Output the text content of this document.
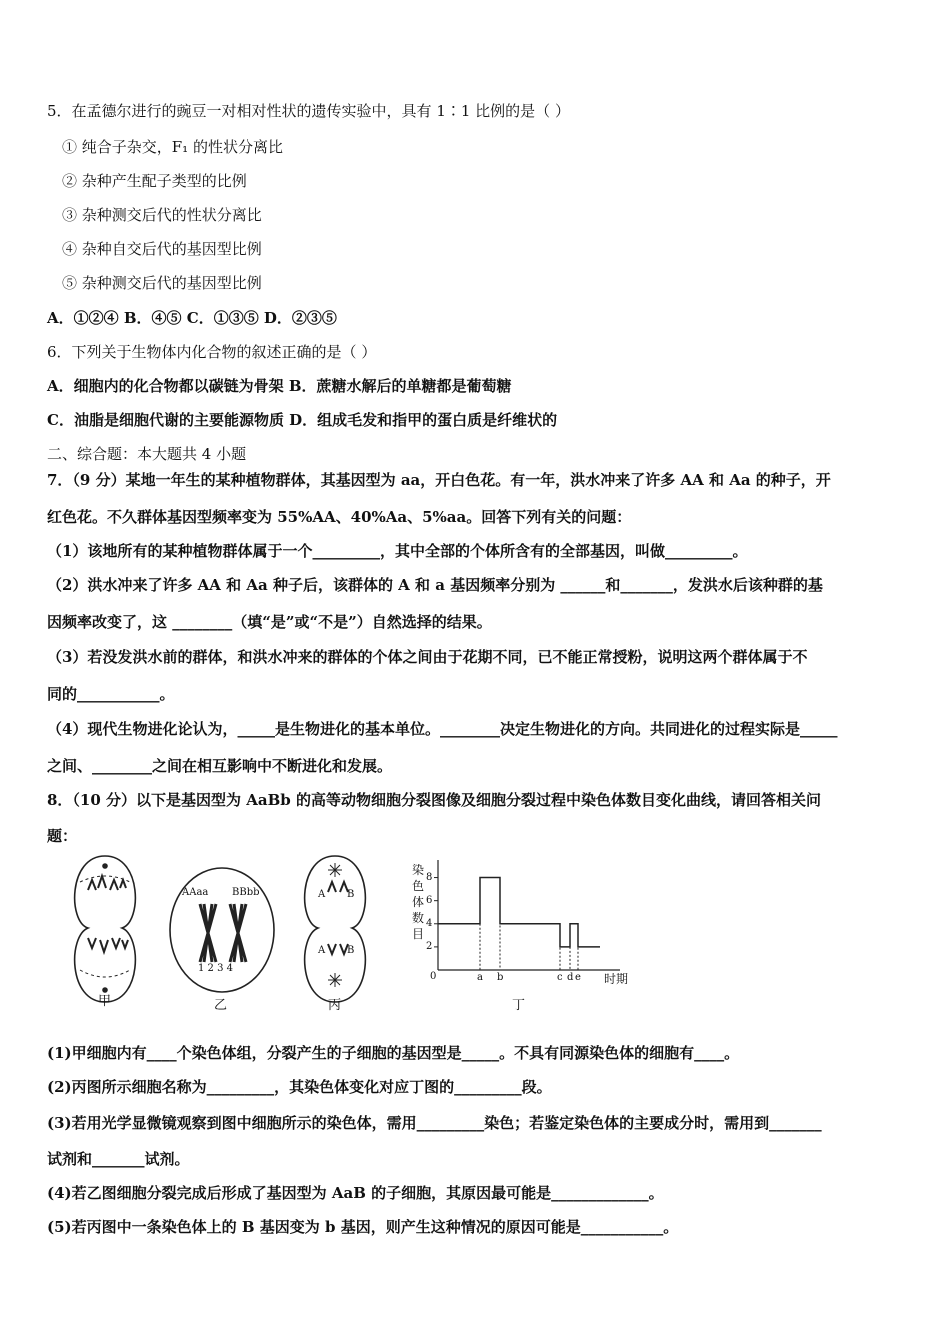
5．在孟德尔进行的豌豆一对相对性状的遗传实验中，具有 1∶1 比例的是（ ）
① 纯合子杂交，F₁ 的性状分离比
② 杂种产生配子类型的比例
③ 杂种测交后代的性状分离比
④ 杂种自交后代的基因型比例
⑤ 杂种测交后代的基因型比例
A．①②④ B．④⑤ C．①③⑤ D．②③⑤
6．下列关于生物体内化合物的叙述正确的是（ ）
A．细胞内的化合物都以碳链为骨架 B．蔗糖水解后的单糖都是葡萄糖
C．油脂是细胞代谢的主要能源物质 D．组成毛发和指甲的蛋白质是纤维状的
二、综合题：本大题共 4 小题
7．（9 分）某地一年生的某种植物群体，其基因型为 aa，开白色花。有一年，洪水冲来了许多 AA 和 Aa 的种子，开
红色花。不久群体基因型频率变为 55%AA、40%Aa、5%aa。回答下列有关的问题：
（1）该地所有的某种植物群体属于一个_________，其中全部的个体所含有的全部基因，叫做_________。
（2）洪水冲来了许多 AA 和 Aa 种子后，该群体的 A 和 a 基因频率分别为 ______和_______，发洪水后该种群的基
因频率改变了，这 ________（填“是”或“不是”）自然选择的结果。
（3）若没发洪水前的群体，和洪水冲来的群体的个体之间由于花期不同，已不能正常授粉，说明这两个群体属于不
同的___________。
（4）现代生物进化论认为，_____是生物进化的基本单位。________决定生物进化的方向。共同进化的过程实际是_____
之间、________之间在相互影响中不断进化和发展。
8．（10 分）以下是基因型为 AaBb 的高等动物细胞分裂图像及细胞分裂过程中染色体数目变化曲线，请回答相关问
题：
AAaa BBbb
1 2 3 4
A B
A B
染色体数目
0	时期
2
4
6
8
a b	c d e
甲	乙	丙	丁
(1)甲细胞内有____个染色体组，分裂产生的子细胞的基因型是_____。不具有同源染色体的细胞有____。
(2)丙图所示细胞名称为_________，其染色体变化对应丁图的_________段。
(3)若用光学显微镜观察到图中细胞所示的染色体，需用_________染色；若鉴定染色体的主要成分时，需用到_______
试剂和_______试剂。
(4)若乙图细胞分裂完成后形成了基因型为 AaB 的子细胞，其原因最可能是_____________。
(5)若丙图中一条染色体上的 B 基因变为 b 基因，则产生这种情况的原因可能是___________。
